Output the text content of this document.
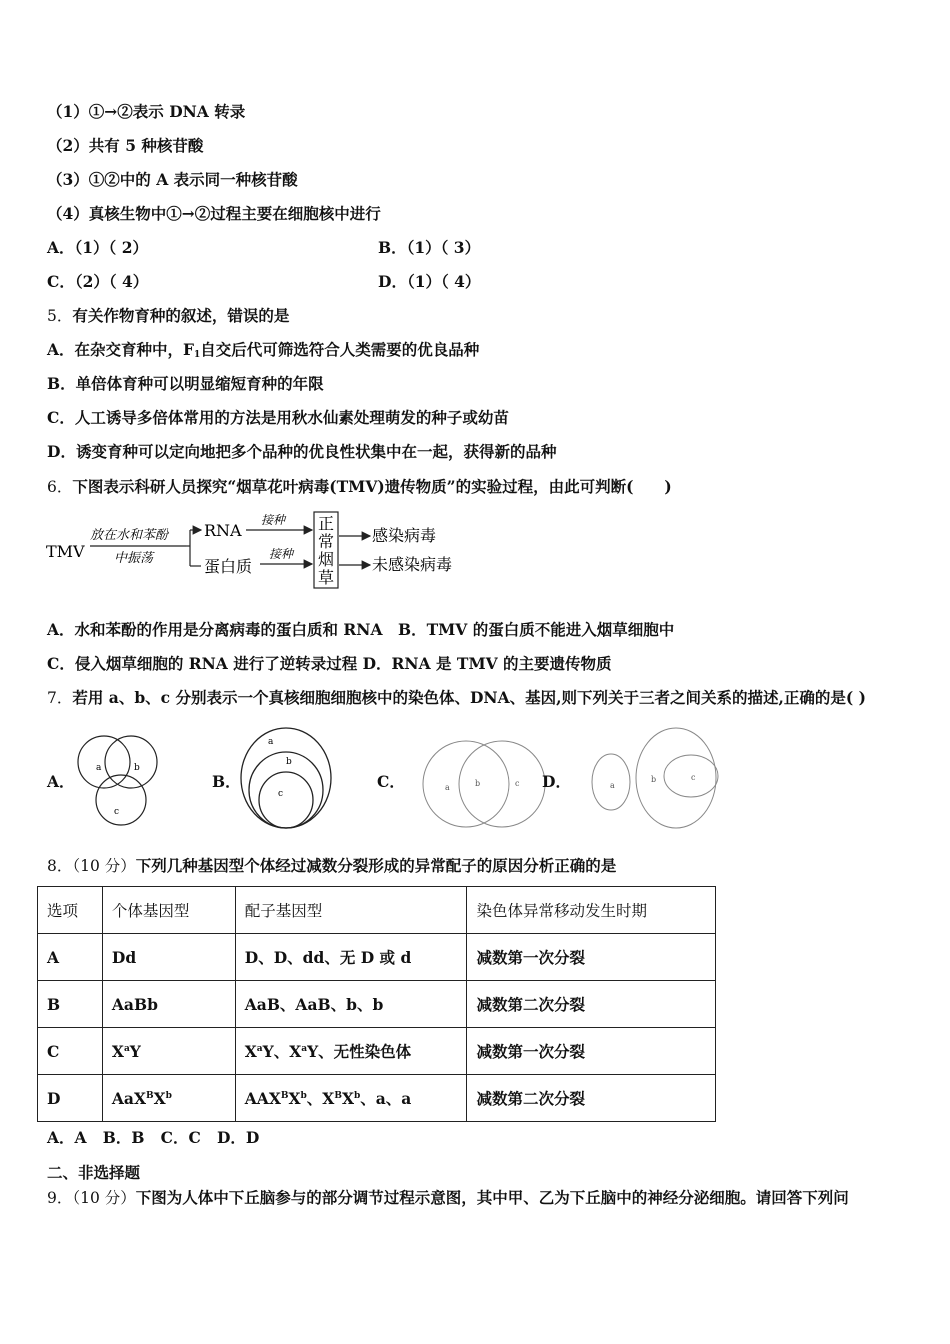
（1）①→②表示 DNA 转录
（2）共有 5 种核苷酸
（3）①②中的 A 表示同一种核苷酸
（4）真核生物中①→②过程主要在细胞核中进行
A．（1）（ 2）	B．（1）（ 3）
C．（2）（ 4）	D．（1）（ 4）
5．有关作物育种的叙述，错误的是
A．在杂交育种中，$F_1$自交后代可筛选符合人类需要的优良品种
B．单倍体育种可以明显缩短育种的年限
C．人工诱导多倍体常用的方法是用秋水仙素处理萌发的种子或幼苗
D．诱变育种可以定向地把多个品种的优良性状集中在一起，获得新的品种
6．下图表示科研人员探究“烟草花叶病毒(TMV)遗传物质”的实验过程，由此可判断(　　)
TMV
放在水和苯酚
中振荡
RNA
蛋白质
接种
接种
正
常
烟
草
感染病毒
未感染病毒
A．水和苯酚的作用是分离病毒的蛋白质和 RNA　B．TMV 的蛋白质不能进入烟草细胞中
C．侵入烟草细胞的 RNA 进行了逆转录过程 D．RNA 是 TMV 的主要遗传物质
7．若用 a、b、c 分别表示一个真核细胞细胞核中的染色体、DNA、基因,则下列关于三者之间关系的描述,正确的是( )
A．
a	b
c
B．
a
b
c
C．	a	b	c D．	a
b	c
8．（10 分）下列几种基因型个体经过减数分裂形成的异常配子的原因分析正确的是
选项	个体基因型	配子基因型	染色体异常移动发生时期
A	Dd	D、D、dd、无 D 或 d	减数第一次分裂
B	AaBb	AaB、AaB、b、b	减数第二次分裂
C	$X^aY$	$X^aY$、$X^aY$、无性染色体	减数第一次分裂
D	$AaX^BX^b$	$AAX^BX^b$、$X^BX^b$、a、a	减数第二次分裂
A．A   B．B   C．C   D．D
二、非选择题
9．（10 分）下图为人体中下丘脑参与的部分调节过程示意图，其中甲、乙为下丘脑中的神经分泌细胞。请回答下列问
